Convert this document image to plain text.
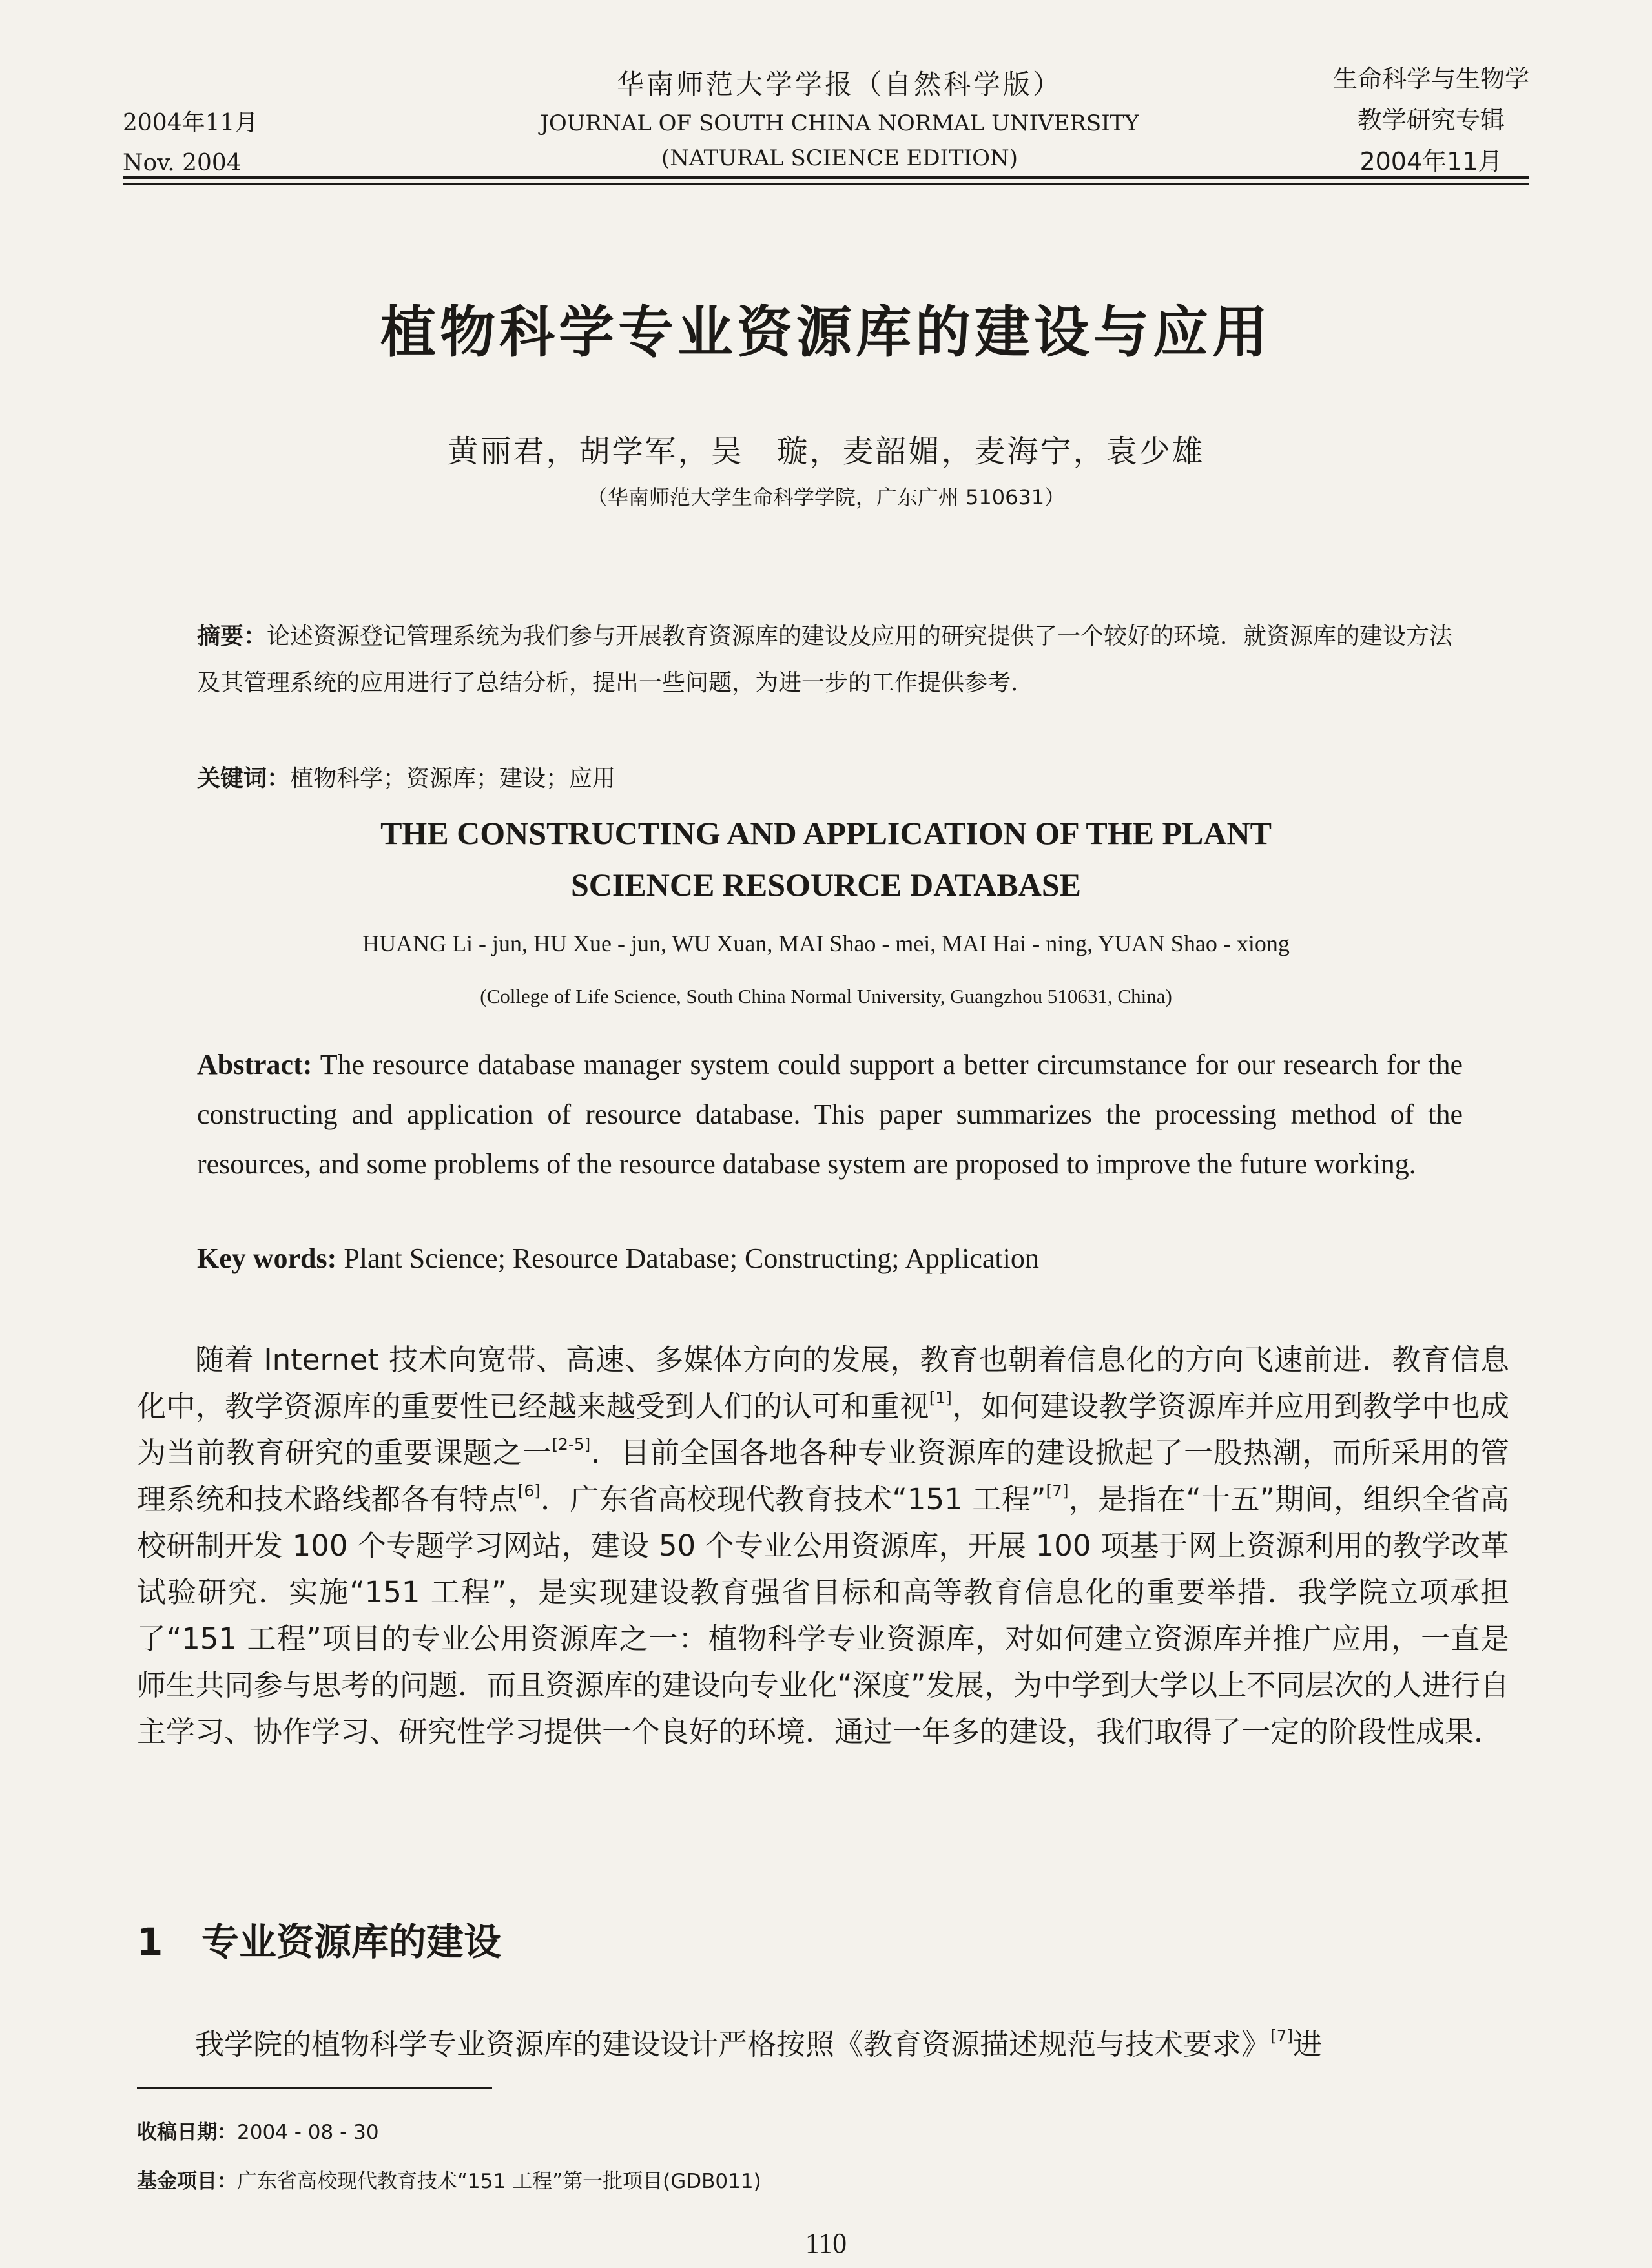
2004年11月
Nov. 2004
华南师范大学学报（自然科学版）
JOURNAL OF SOUTH CHINA NORMAL UNIVERSITY
(NATURAL SCIENCE EDITION)
生命科学与生物学
教学研究专辑
2004年11月
植物科学专业资源库的建设与应用
黄丽君，胡学军，吴　璇，麦韶媚，麦海宁，袁少雄
（华南师范大学生命科学学院，广东广州 510631）
摘要：论述资源登记管理系统为我们参与开展教育资源库的建设及应用的研究提供了一个较好的环境．就资源库的建设方法及其管理系统的应用进行了总结分析，提出一些问题，为进一步的工作提供参考．
关键词：植物科学；资源库；建设；应用
THE CONSTRUCTING AND APPLICATION OF THE PLANT
SCIENCE RESOURCE DATABASE
HUANG Li - jun, HU Xue - jun, WU Xuan, MAI Shao - mei, MAI Hai - ning, YUAN Shao - xiong
(College of Life Science, South China Normal University, Guangzhou 510631, China)
Abstract: The resource database manager system could support a better circumstance for our research for the constructing and application of resource database. This paper summarizes the processing method of the resources, and some problems of the resource database system are proposed to improve the future working.
Key words: Plant Science; Resource Database; Constructing; Application

随着 Internet 技术向宽带、高速、多媒体方向的发展，教育也朝着信息化的方向飞速前进．教育信息化中，教学资源库的重要性已经越来越受到人们的认可和重视[1]，如何建设教学资源库并应用到教学中也成为当前教育研究的重要课题之一[2-5]．目前全国各地各种专业资源库的建设掀起了一股热潮，而所采用的管理系统和技术路线都各有特点[6]．广东省高校现代教育技术“151 工程”[7]，是指在“十五”期间，组织全省高校研制开发 100 个专题学习网站，建设 50 个专业公用资源库，开展 100 项基于网上资源利用的教学改革试验研究．实施“151 工程”，是实现建设教育强省目标和高等教育信息化的重要举措．我学院立项承担了“151 工程”项目的专业公用资源库之一：植物科学专业资源库，对如何建立资源库并推广应用，一直是师生共同参与思考的问题．而且资源库的建设向专业化“深度”发展，为中学到大学以上不同层次的人进行自主学习、协作学习、研究性学习提供一个良好的环境．通过一年多的建设，我们取得了一定的阶段性成果．

1 专业资源库的建设

我学院的植物科学专业资源库的建设设计严格按照《教育资源描述规范与技术要求》[7]进

收稿日期：2004 - 08 - 30
基金项目：广东省高校现代教育技术“151 工程”第一批项目(GDB011)
110
